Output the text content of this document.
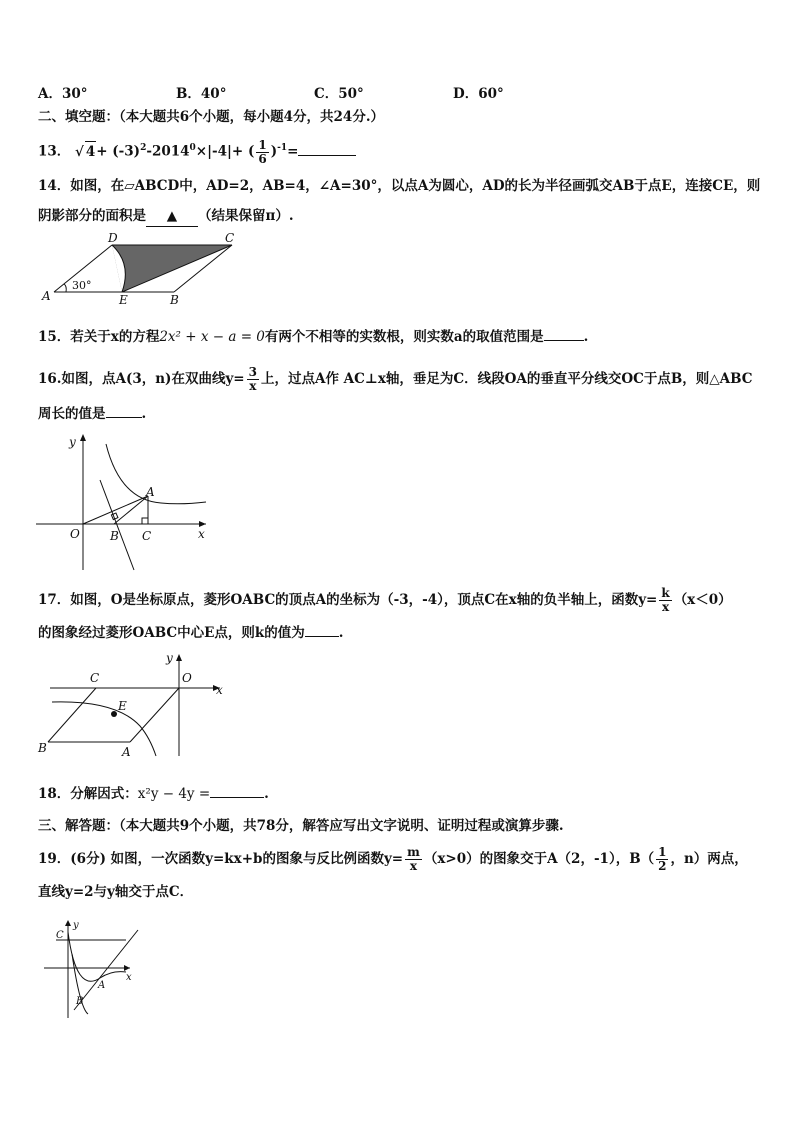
A．30°	B．40°	C．50°	D．60°
二、填空题：（本大题共6个小题，每小题4分，共24分.）
13． √ $4+ (-3)^2-2014^0\times|-4|+$ ( $\frac{1}{6} )^{-1}=$
14．如图，在▱ABCD中，AD=2，AB=4，∠A=30°，以点A为圆心，AD的长为半径画弧交AB于点E，连接CE，则
阴影部分的面积是 ▲ （结果保留π）.
D	C
A	E	B
30°
15．若关于x的方程2x² + x − a = 0有两个不相等的实数根，则实数a的取值范围是	.
16.如图，点A(3，n)在双曲线$y= \frac{3}{x}$ 上，过点A作 AC⊥x轴，垂足为C．线段OA的垂直平分线交OC于点B，则△ABC
周长的值是	.
y
x
O
A
B C
17．如图，O是坐标原点，菱形OABC的顶点A的坐标为（-3，-4），顶点C在x轴的负半轴上，函数$y= \frac{k}{x} (x<0)$
的图象经过菱形OABC中心E点，则k的值为	.
y
x
O
C
E
B	A
18．分解因式：x²y − 4y =	.
三、解答题：（本大题共9个小题，共78分，解答应写出文字说明、证明过程或演算步骤.
19．(6分) 如图，一次函数y=kx+b的图象与反比例函数$y= \frac{m}{x} (x>0)$的图象交于A（2，-1），$B( \frac{1}{2}$ ，n）两点，
直线y=2与y轴交于点C．
y
x
C
A
B
